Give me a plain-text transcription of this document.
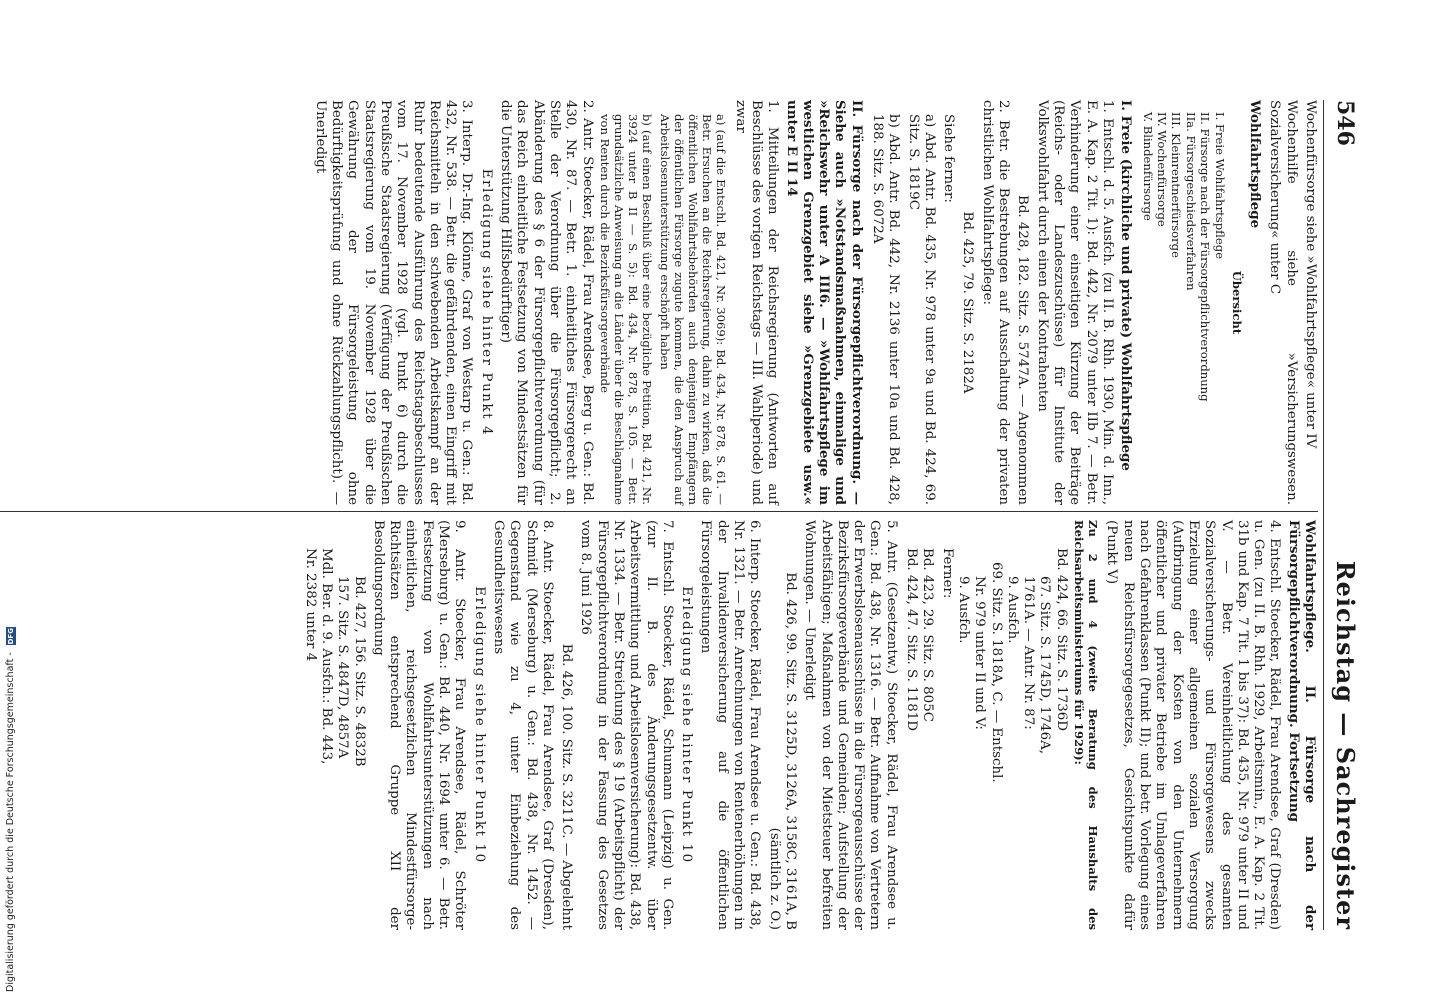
546
Reichstag — Sachregister

Wochenfürsorge siehe »Wohlfahrtspflege« unter IV

Wochenhilfe siehe »Versicherungswesen. Sozialversicherung« unter C

Wohlfahrtspflege

Übersicht

I. Freie Wohlfahrtspflege
II. Fürsorge nach der Fürsorgepflichtverordnung
IIa. Fürsorgeschiedsverfahren
III. Kleinrentnerfürsorge
IV. Wochenfürsorge
V. Blindenfürsorge

I. Freie (kirchliche und private) Wohlfahrtspflege

1. Entschl. d. 5. Ausfch. (zu II. B. Rhh. 1930, Min. d. Inn., E. A. Kap. 2 Tit. 1): Bd. 442, Nr. 2079 unter IIb 7. — Betr. Verhinderung einer einseitigen Kürzung der Beiträge (Reichs- oder Landeszuschüsse) für Institute der Volkswohlfahrt durch einen der Kontrahenten

Bd. 428, 182. Sitz. S. 5747A. — Angenommen

2. Betr. die Bestrebungen auf Ausschaltung der privaten christlichen Wohlfahrtspflege:

Bd. 425, 79. Sitz. S. 2182A

Siehe ferner:

a) Abd. Antr. Bd. 435, Nr. 978 unter 9a und Bd. 424, 69. Sitz. S. 1819C

b) Abd. Antr. Bd. 442, Nr. 2136 unter 10a und Bd. 428, 188. Sitz. S. 6072A

II. Fürsorge nach der Fürsorgepflichtverordnung. — Siehe auch »Notstandsmaßnahmen, einmalige und »Reichswehr unter A III6. — »Wohlfahrtspflege im westlichen Grenzgebiet siehe »Grenzgebiete usw.« unter E II 14

1. Mitteilungen der Reichsregierung (Antworten auf Beschlüsse des vorigen Reichstags — III. Wahlperiode) und zwar

a) (auf die Entschl. Bd. 421, Nr. 3069): Bd. 434, Nr. 878, S. 61. — Betr. Ersuchen an die Reichsregierung, dahin zu wirken, daß die öffentlichen Wohlfahrtsbehörden auch denjenigen Empfängern der öffentlichen Fürsorge zugute kommen, die den Anspruch auf Arbeitslosenunterstützung erschöpft haben

b) (auf einen Beschluß über eine bezügliche Petition, Bd. 421, Nr. 3924 unter B II — S. 5): Bd. 434, Nr. 878, S. 105. — Betr. grundsätzliche Anweisung an die Länder über die Beschlagnahme von Renten durch die Bezirksfürsorgeverbände

2. Antr. Stoecker, Rädel, Frau Arendsee, Berg u. Gen.: Bd. 430, Nr. 87. — Betr. 1. einheitliches Fürsorgerecht an Stelle der Verordnung über die Fürsorgepflicht; 2. Abänderung des § 6 der Fürsorgepflichtverordnung (für das Reich einheitliche Festsetzung von Mindestsätzen für die Unterstützung Hilfsbedürftiger)

Erledigung siehe hinter Punkt 4

3. Interp. Dr.-Ing. Klönne, Graf von Westarp u. Gen.: Bd. 432, Nr. 538. — Betr. die gefährdenden, einen Eingriff mit Reichsmitteln in den schwebenden Arbeitskampf an der Ruhr bedeutende Ausführung des Reichstagsbeschlusses vom 17. November 1928 (vgl. Punkt 6) durch die Preußische Staatsregierung (Verfügung der Preußischen Staatsregierung vom 19. November 1928 über die Gewährung der Fürsorgeleistung ohne Bedürftigkeitsprüfung und ohne Rückzahlungspflicht). — Unerledigt

Wohlfahrtspflege. II. Fürsorge nach der Fürsorgepflichtverordnung. Fortsetzung

4. Entschl. Stoecker, Rädel, Frau Arendsee, Graf (Dresden) u. Gen. (zu II. B. Rhh. 1929, Arbeitsmin., E. A. Kap. 2 Tit. 31b und Kap. 7 Tit. 1 bis 37): Bd. 435, Nr. 979 unter II und V. — Betr. Vereinheitlichung des gesamten Sozialversicherungs- und Fürsorgewesens zwecks Erzielung einer allgemeinen sozialen Versorgung (Aufbringung der Kosten von den Unternehmern öffentlicher und privater Betriebe im Umlageverfahren nach Gefahrenklassen (Punkt II); und betr. Vorlegung eines neuen Reichsfürsorgegesetzes, Gesichtspunkte dafür (Punkt V)

Zu 2 und 4 (zweite Beratung des Haushalts des Reichsarbeitsministeriums für 1929):

Bd. 424, 66. Sitz. S. 1736D
67. Sitz. S. 1745D, 1746A,
1761A. — Antr. Nr. 87:
9. Ausfch.
69. Sitz. S. 1818A, C. — Entschl.
Nr. 979 unter II und V:
9. Ausfch.

Ferner:

Bd. 423, 29. Sitz. S. 805C
Bd. 424, 47. Sitz. S. 1181D

5. Antr. (Gesetzentw.) Stoecker, Rädel, Frau Arendsee u. Gen.: Bd. 438, Nr. 1316. — Betr. Aufnahme von Vertretern der Erwerbslosenausschüsse in die Fürsorgeausschüsse der Bezirksfürsorgeverbände und Gemeinden; Aufstellung der Arbeitsfähigen; Maßnahmen von der Mietsteuer befreiten Wohnungen. — Unerledigt

Bd. 426, 99. Sitz. S. 3125D, 3126A, 3158C, 3161A, B (sämtlich z. O.)

6. Interp. Stoecker, Rädel, Frau Arendsee u. Gen.: Bd. 438, Nr. 1321. — Betr. Anrechnungen von Rentenerhöhungen in der Invalidenversicherung auf die öffentlichen Fürsorgeleistungen

Erledigung siehe hinter Punkt 10

7. Entschl. Stoecker, Rädel, Schumann (Leipzig) u. Gen. (zur II. B. des Änderungsgesetzentw. über Arbeitsvermittlung und Arbeitslosenversicherung): Bd. 438, Nr. 1334. — Betr. Streichung des § 19 (Arbeitspflicht) der Fürsorgepflichtverordnung in der Fassung des Gesetzes vom 8. Juni 1926

Bd. 426, 100. Sitz. S. 3211C. — Abgelehnt

8. Antr. Stoecker, Rädel, Frau Arendsee, Graf (Dresden), Schmidt (Merseburg) u. Gen.: Bd. 438, Nr. 1452. — Gegenstand wie zu 4, unter Einbeziehung des Gesundheitswesens

Erledigung siehe hinter Punkt 10

9. Antr. Stoecker, Frau Arendsee, Rädel, Schröter (Merseburg) u. Gen.: Bd. 440, Nr. 1694 unter 6. — Betr. Festsetzung von Wohlfahrtsunterstützungen nach einheitlichen, reichsgesetzlichen Mindestfürsorge-Richtsätzen entsprechend Gruppe XII der Besoldungsordnung

Bd. 427, 156. Sitz. S. 4832B
157. Sitz. S. 4847D, 4857A
Mdl. Ber. d. 9. Ausfch.: Bd. 443,
Nr. 2382 unter 4
Digitalisierung gefördert durch die Deutsche Forschungsgemeinschaft - DFG
